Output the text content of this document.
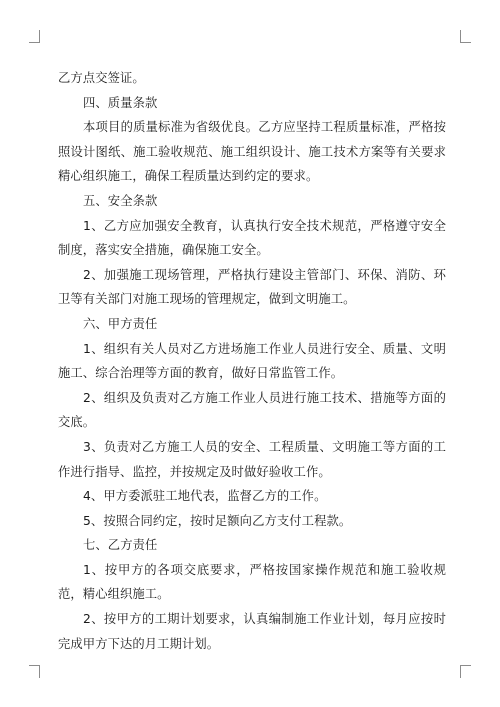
乙方点交签证。

四、质量条款

本项目的质量标准为省级优良。乙方应坚持工程质量标准，严格按照设计图纸、施工验收规范、施工组织设计、施工技术方案等有关要求精心组织施工，确保工程质量达到约定的要求。

五、安全条款

1、乙方应加强安全教育，认真执行安全技术规范，严格遵守安全制度，落实安全措施，确保施工安全。

2、加强施工现场管理，严格执行建设主管部门、环保、消防、环卫等有关部门对施工现场的管理规定，做到文明施工。

六、甲方责任

1、组织有关人员对乙方进场施工作业人员进行安全、质量、文明施工、综合治理等方面的教育，做好日常监管工作。

2、组织及负责对乙方施工作业人员进行施工技术、措施等方面的交底。

3、负责对乙方施工人员的安全、工程质量、文明施工等方面的工作进行指导、监控，并按规定及时做好验收工作。

4、甲方委派驻工地代表，监督乙方的工作。

5、按照合同约定，按时足额向乙方支付工程款。

七、乙方责任

1、按甲方的各项交底要求，严格按国家操作规范和施工验收规范，精心组织施工。

2、按甲方的工期计划要求，认真编制施工作业计划，每月应按时完成甲方下达的月工期计划。
